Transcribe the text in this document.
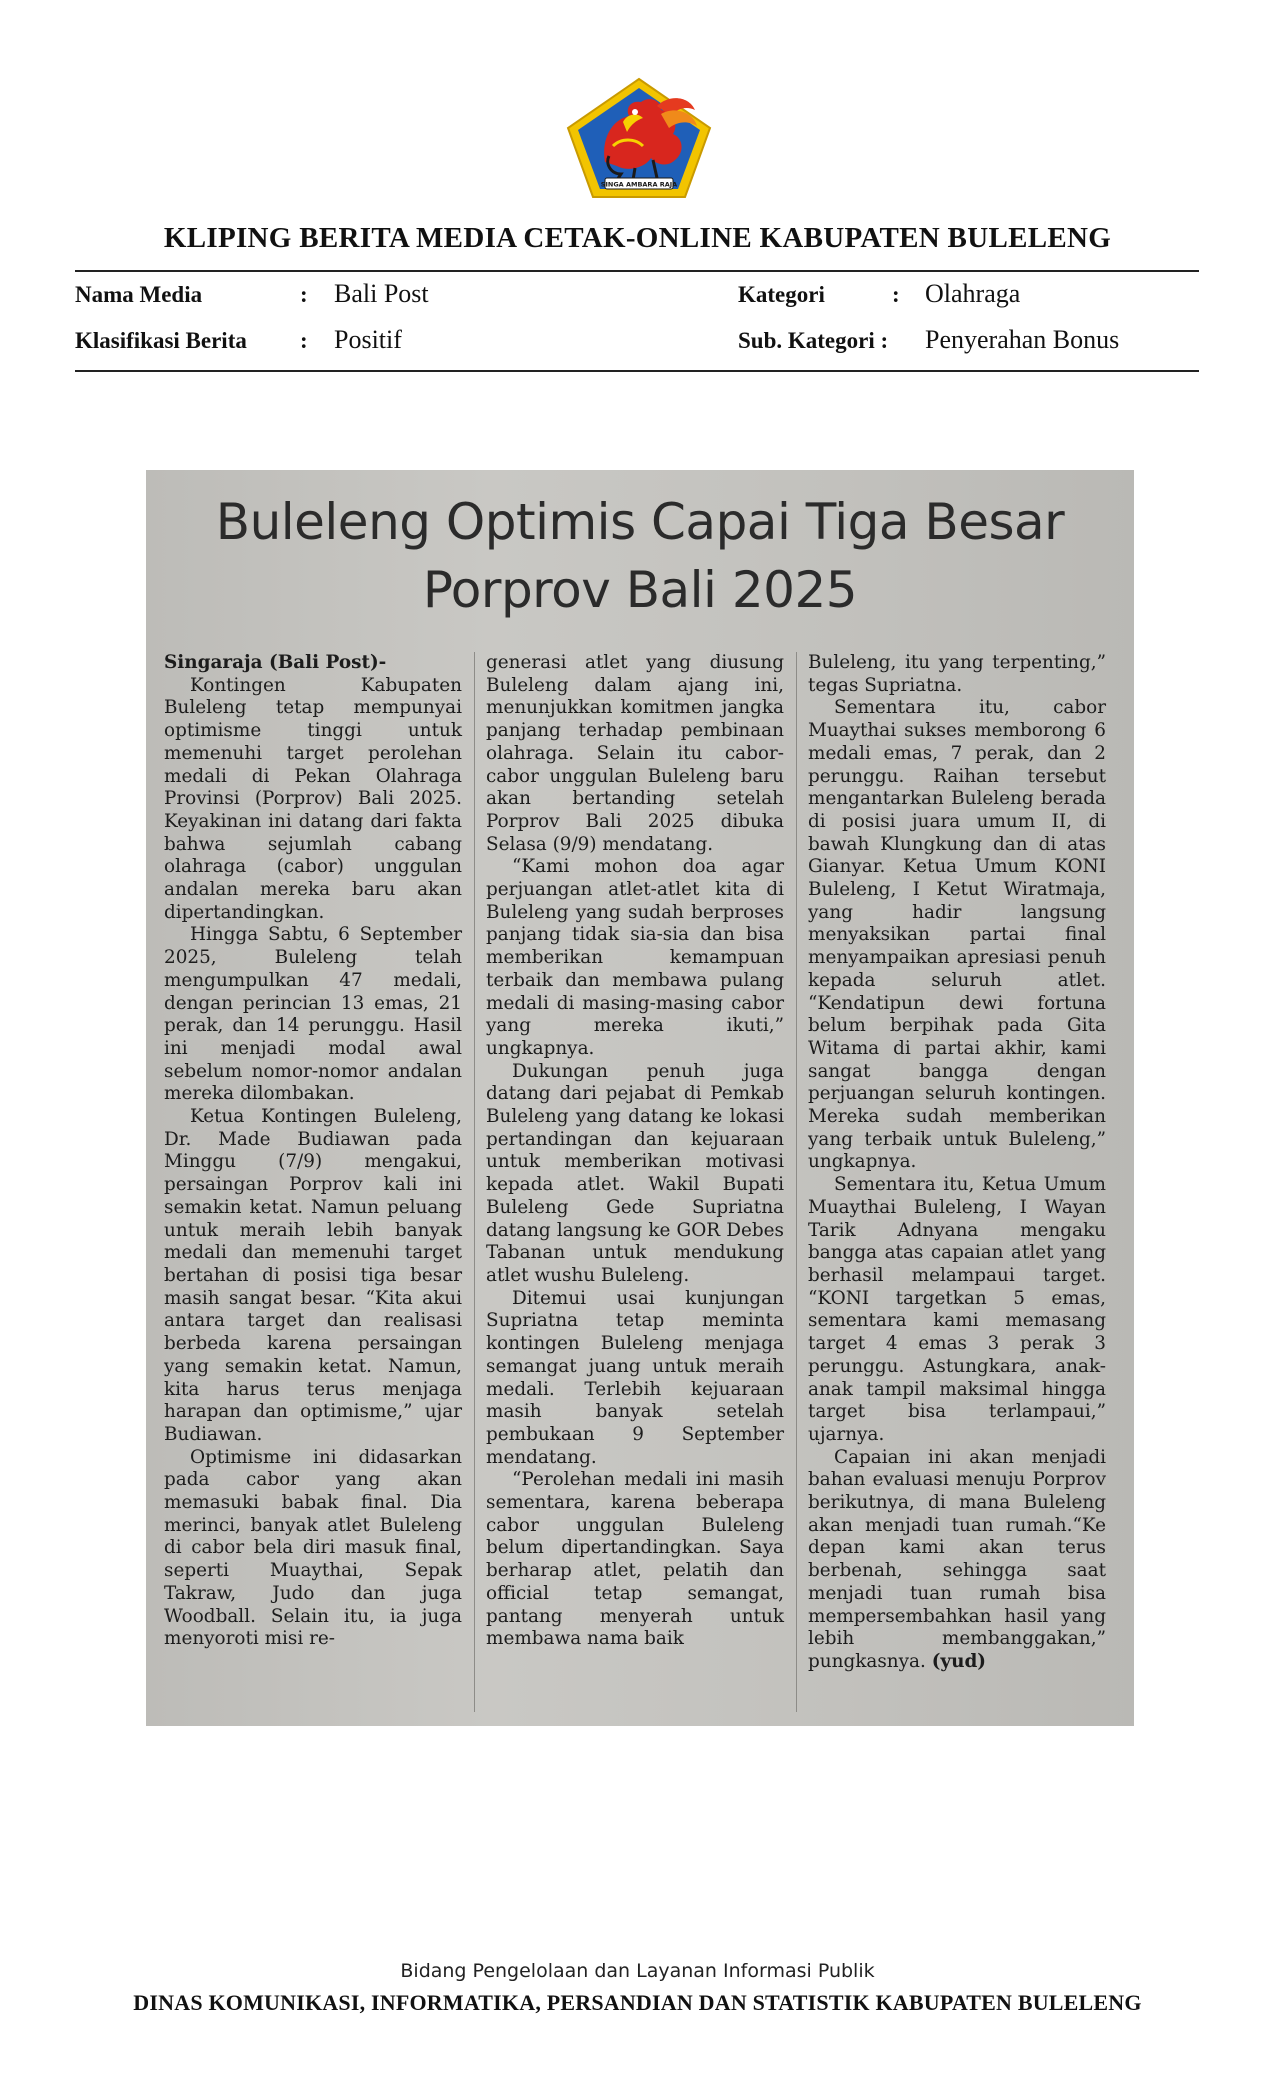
SINGA AMBARA RAJA
KLIPING BERITA MEDIA CETAK-ONLINE KABUPATEN BULELENG
Nama Media	: Bali Post
Klasifikasi Berita : Positif
Kategori	: Olahraga
Sub. Kategori : Penyerahan Bonus
Buleleng Optimis Capai Tiga Besar
Porprov Bali 2025

Singaraja (Bali Post)-

Kontingen Kabupaten Buleleng tetap mempunyai optimisme tinggi untuk memenuhi target perolehan medali di Pekan Olahraga Provinsi (Porprov) Bali 2025. Keyakinan ini datang dari fakta bahwa sejumlah cabang olahraga (cabor) unggulan andalan mereka baru akan dipertandingkan.

Hingga Sabtu, 6 September 2025, Buleleng telah mengumpulkan 47 medali, dengan perincian 13 emas, 21 perak, dan 14 perunggu. Hasil ini menjadi modal awal sebelum nomor-nomor andalan mereka dilombakan.

Ketua Kontingen Buleleng, Dr. Made Budiawan pada Minggu (7/9) mengakui, persaingan Porprov kali ini semakin ketat. Namun peluang untuk meraih lebih banyak medali dan memenuhi target bertahan di posisi tiga besar masih sangat besar. “Kita akui antara target dan realisasi berbeda karena persaingan yang semakin ketat. Namun, kita harus terus menjaga harapan dan optimisme,” ujar Budiawan.

Optimisme ini didasarkan pada cabor yang akan memasuki babak final. Dia merinci, banyak atlet Buleleng di cabor bela diri masuk final, seperti Muaythai, Sepak Takraw, Judo dan juga Woodball. Selain itu, ia juga menyoroti misi re-

generasi atlet yang diusung Buleleng dalam ajang ini, menunjukkan komitmen jangka panjang terhadap pembinaan olahraga. Selain itu cabor-cabor unggulan Buleleng baru akan bertanding setelah Porprov Bali 2025 dibuka Selasa (9/9) mendatang.

“Kami mohon doa agar perjuangan atlet-atlet kita di Buleleng yang sudah berproses panjang tidak sia-sia dan bisa memberikan kemampuan terbaik dan membawa pulang medali di masing-masing cabor yang mereka ikuti,” ungkapnya.

Dukungan penuh juga datang dari pejabat di Pemkab Buleleng yang datang ke lokasi pertandingan dan kejuaraan untuk memberikan motivasi kepada atlet. Wakil Bupati Buleleng Gede Supriatna datang langsung ke GOR Debes Tabanan untuk mendukung atlet wushu Buleleng.

Ditemui usai kunjungan Supriatna tetap meminta kontingen Buleleng menjaga semangat juang untuk meraih medali. Terlebih kejuaraan masih banyak setelah pembukaan 9 September mendatang.

“Perolehan medali ini masih sementara, karena beberapa cabor unggulan Buleleng belum dipertandingkan. Saya berharap atlet, pelatih dan official tetap semangat, pantang menyerah untuk membawa nama baik

Buleleng, itu yang terpenting,” tegas Supriatna.

Sementara itu, cabor Muaythai sukses memborong 6 medali emas, 7 perak, dan 2 perunggu. Raihan tersebut mengantarkan Buleleng berada di posisi juara umum II, di bawah Klungkung dan di atas Gianyar. Ketua Umum KONI Buleleng, I Ketut Wiratmaja, yang hadir langsung menyaksikan partai final menyampaikan apresiasi penuh kepada seluruh atlet. “Kendatipun dewi fortuna belum berpihak pada Gita Witama di partai akhir, kami sangat bangga dengan perjuangan seluruh kontingen. Mereka sudah memberikan yang terbaik untuk Buleleng,” ungkapnya.

Sementara itu, Ketua Umum Muaythai Buleleng, I Wayan Tarik Adnyana mengaku bangga atas capaian atlet yang berhasil melampaui target. “KONI targetkan 5 emas, sementara kami memasang target 4 emas 3 perak 3 perunggu. Astungkara, anak-anak tampil maksimal hingga target bisa terlampaui,” ujarnya.

Capaian ini akan menjadi bahan evaluasi menuju Porprov berikutnya, di mana Buleleng akan menjadi tuan rumah.“Ke depan kami akan terus berbenah, sehingga saat menjadi tuan rumah bisa mempersembahkan hasil yang lebih membanggakan,” pungkasnya. (yud)

Bidang Pengelolaan dan Layanan Informasi Publik
DINAS KOMUNIKASI, INFORMATIKA, PERSANDIAN DAN STATISTIK KABUPATEN BULELENG
